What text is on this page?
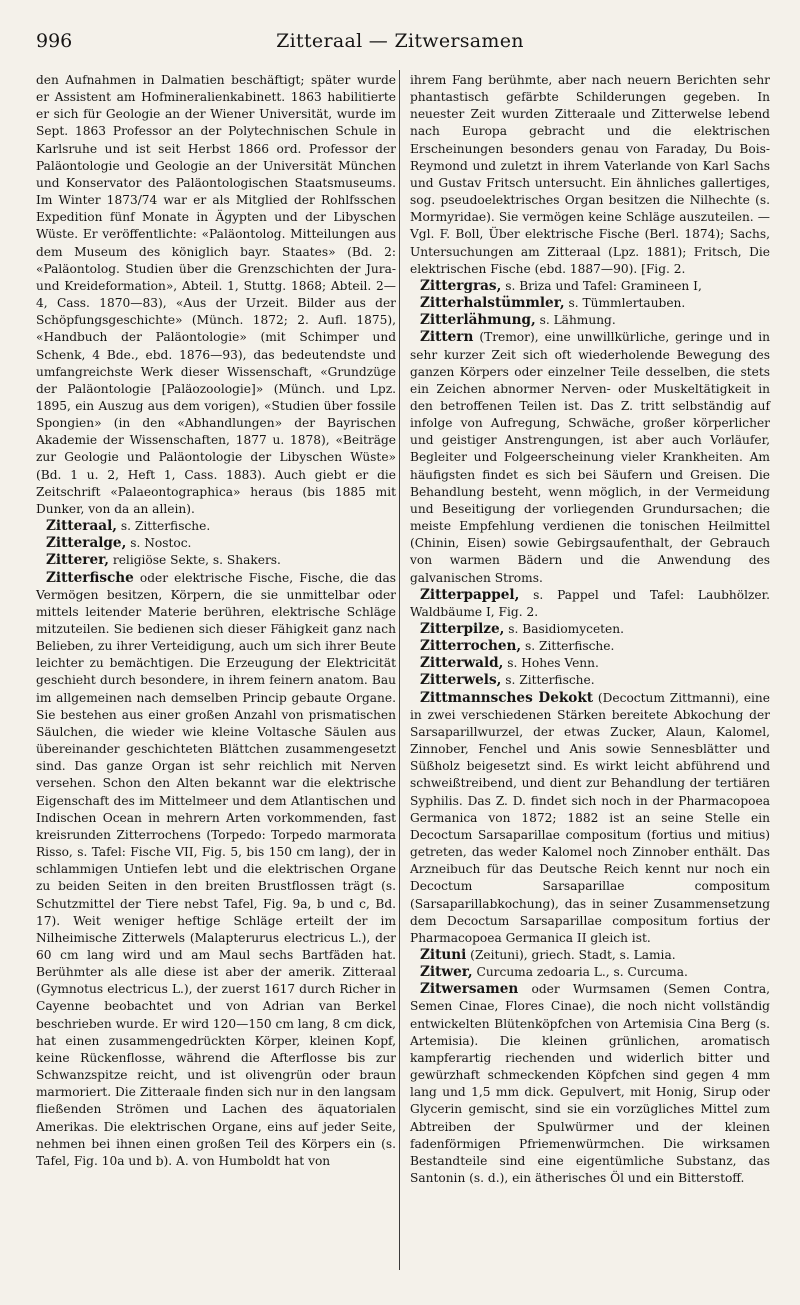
996	Zitteraal — Zitwersamen

den Aufnahmen in Dalmatien beschäftigt; später wurde er Assistent am Hofmineralienkabinett. 1863 habilitierte er sich für Geologie an der Wiener Universität, wurde im Sept. 1863 Professor an der Polytechnischen Schule in Karlsruhe und ist seit Herbst 1866 ord. Professor der Paläontologie und Geologie an der Universität München und Konservator des Paläontologischen Staatsmuseums. Im Winter 1873/74 war er als Mitglied der Rohlfsschen Expedition fünf Monate in Ägypten und der Libyschen Wüste. Er veröffentlichte: «Paläontolog. Mitteilungen aus dem Museum des königlich bayr. Staates» (Bd. 2: «Paläontolog. Studien über die Grenzschichten der Jura- und Kreideformation», Abteil. 1, Stuttg. 1868; Abteil. 2—4, Cass. 1870—83), «Aus der Urzeit. Bilder aus der Schöpfungsgeschichte» (Münch. 1872; 2. Aufl. 1875), «Handbuch der Paläontologie» (mit Schimper und Schenk, 4 Bde., ebd. 1876—93), das bedeutendste und umfangreichste Werk dieser Wissenschaft, «Grundzüge der Paläontologie [Paläozoologie]» (Münch. und Lpz. 1895, ein Auszug aus dem vorigen), «Studien über fossile Spongien» (in den «Abhandlungen» der Bayrischen Akademie der Wissenschaften, 1877 u. 1878), «Beiträge zur Geologie und Paläontologie der Libyschen Wüste» (Bd. 1 u. 2, Heft 1, Cass. 1883). Auch giebt er die Zeitschrift «Palaeontographica» heraus (bis 1885 mit Dunker, von da an allein).

Zitteraal, s. Zitterfische.

Zitteralge, s. Nostoc.

Zitterer, religiöse Sekte, s. Shakers.

Zitterfische oder elektrische Fische, Fische, die das Vermögen besitzen, Körpern, die sie unmittelbar oder mittels leitender Materie berühren, elektrische Schläge mitzuteilen. Sie bedienen sich dieser Fähigkeit ganz nach Belieben, zu ihrer Verteidigung, auch um sich ihrer Beute leichter zu bemächtigen. Die Erzeugung der Elektricität geschieht durch besondere, in ihrem feinern anatom. Bau im allgemeinen nach demselben Princip gebaute Organe. Sie bestehen aus einer großen Anzahl von prismatischen Säulchen, die wieder wie kleine Voltasche Säulen aus übereinander geschichteten Blättchen zusammengesetzt sind. Das ganze Organ ist sehr reichlich mit Nerven versehen. Schon den Alten bekannt war die elektrische Eigenschaft des im Mittelmeer und dem Atlantischen und Indischen Ocean in mehrern Arten vorkommenden, fast kreisrunden Zitterrochens (Torpedo: Torpedo marmorata Risso, s. Tafel: Fische VII, Fig. 5, bis 150 cm lang), der in schlammigen Untiefen lebt und die elektrischen Organe zu beiden Seiten in den breiten Brustflossen trägt (s. Schutzmittel der Tiere nebst Tafel, Fig. 9a, b und c, Bd. 17). Weit weniger heftige Schläge erteilt der im Nilheimische Zitterwels (Malapterurus electricus L.), der 60 cm lang wird und am Maul sechs Bartfäden hat. Berühmter als alle diese ist aber der amerik. Zitteraal (Gymnotus electricus L.), der zuerst 1617 durch Richer in Cayenne beobachtet und von Adrian van Berkel beschrieben wurde. Er wird 120—150 cm lang, 8 cm dick, hat einen zusammengedrückten Körper, kleinen Kopf, keine Rückenflosse, während die Afterflosse bis zur Schwanzspitze reicht, und ist olivengrün oder braun marmoriert. Die Zitteraale finden sich nur in den langsam fließenden Strömen und Lachen des äquatorialen Amerikas. Die elektrischen Organe, eins auf jeder Seite, nehmen bei ihnen einen großen Teil des Körpers ein (s. Tafel, Fig. 10a und b). A. von Humboldt hat von

ihrem Fang berühmte, aber nach neuern Berichten sehr phantastisch gefärbte Schilderungen gegeben. In neuester Zeit wurden Zitteraale und Zitterwelse lebend nach Europa gebracht und die elektrischen Erscheinungen besonders genau von Faraday, Du Bois-Reymond und zuletzt in ihrem Vaterlande von Karl Sachs und Gustav Fritsch untersucht. Ein ähnliches gallertiges, sog. pseudoelektrisches Organ besitzen die Nilhechte (s. Mormyridae). Sie vermögen keine Schläge auszuteilen. — Vgl. F. Boll, Über elektrische Fische (Berl. 1874); Sachs, Untersuchungen am Zitteraal (Lpz. 1881); Fritsch, Die elektrischen Fische (ebd. 1887—90). [Fig. 2.

Zittergras, s. Briza und Tafel: Gramineen I,

Zitterhalstümmler, s. Tümmlertauben.

Zitterlähmung, s. Lähmung.

Zittern (Tremor), eine unwillkürliche, geringe und in sehr kurzer Zeit sich oft wiederholende Bewegung des ganzen Körpers oder einzelner Teile desselben, die stets ein Zeichen abnormer Nerven- oder Muskeltätigkeit in den betroffenen Teilen ist. Das Z. tritt selbständig auf infolge von Aufregung, Schwäche, großer körperlicher und geistiger Anstrengungen, ist aber auch Vorläufer, Begleiter und Folgeerscheinung vieler Krankheiten. Am häufigsten findet es sich bei Säufern und Greisen. Die Behandlung besteht, wenn möglich, in der Vermeidung und Beseitigung der vorliegenden Grundursachen; die meiste Empfehlung verdienen die tonischen Heilmittel (Chinin, Eisen) sowie Gebirgsaufenthalt, der Gebrauch von warmen Bädern und die Anwendung des galvanischen Stroms.

Zitterpappel, s. Pappel und Tafel: Laubhölzer. Waldbäume I, Fig. 2.

Zitterpilze, s. Basidiomyceten.

Zitterrochen, s. Zitterfische.

Zitterwald, s. Hohes Venn.

Zitterwels, s. Zitterfische.

Zittmannsches Dekokt (Decoctum Zittmanni), eine in zwei verschiedenen Stärken bereitete Abkochung der Sarsaparillwurzel, der etwas Zucker, Alaun, Kalomel, Zinnober, Fenchel und Anis sowie Sennesblätter und Süßholz beigesetzt sind. Es wirkt leicht abführend und schweißtreibend, und dient zur Behandlung der tertiären Syphilis. Das Z. D. findet sich noch in der Pharmacopoea Germanica von 1872; 1882 ist an seine Stelle ein Decoctum Sarsaparillae compositum (fortius und mitius) getreten, das weder Kalomel noch Zinnober enthält. Das Arzneibuch für das Deutsche Reich kennt nur noch ein Decoctum Sarsaparillae compositum (Sarsaparillabkochung), das in seiner Zusammensetzung dem Decoctum Sarsaparillae compositum fortius der Pharmacopoea Germanica II gleich ist.

Zituni (Zeituni), griech. Stadt, s. Lamia.

Zitwer, Curcuma zedoaria L., s. Curcuma.

Zitwersamen oder Wurmsamen (Semen Contra, Semen Cinae, Flores Cinae), die noch nicht vollständig entwickelten Blütenköpfchen von Artemisia Cina Berg (s. Artemisia). Die kleinen grünlichen, aromatisch kampferartig riechenden und widerlich bitter und gewürzhaft schmeckenden Köpfchen sind gegen 4 mm lang und 1,5 mm dick. Gepulvert, mit Honig, Sirup oder Glycerin gemischt, sind sie ein vorzügliches Mittel zum Abtreiben der Spulwürmer und der kleinen fadenförmigen Pfriemenwürmchen. Die wirksamen Bestandteile sind eine eigentümliche Substanz, das Santonin (s. d.), ein ätherisches Öl und ein Bitterstoff.
